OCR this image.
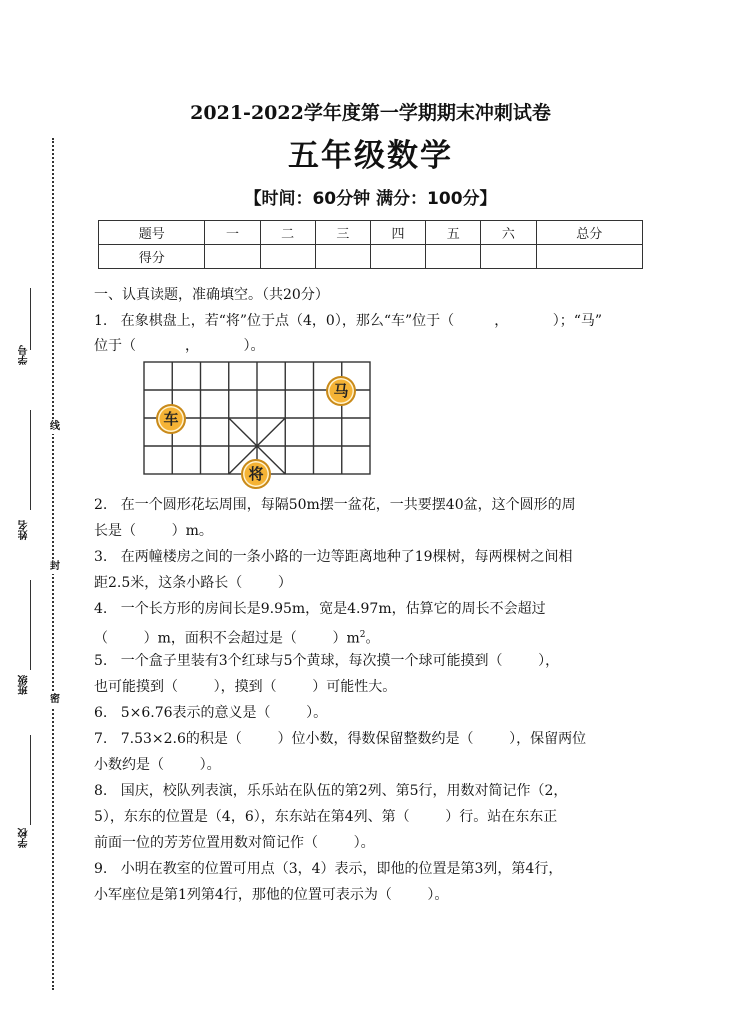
学号
姓名
班级
学校
线
封
密
2021-2022学年度第一学期期末冲刺试卷
五年级数学
【时间：60分钟 满分：100分】
题号	一	二	三	四	五	六	总分
得分							
一、认真读题，准确填空。（共20分）
1.   在象棋盘上，若“将”位于点（4，0），那么“车”位于（         ，          ）；“马”
位于（           ，          ）。
车
马
将
2.   在一个圆形花坛周围，每隔50m摆一盆花，一共要摆40盆，这个圆形的周
长是（        ）m。
3.   在两幢楼房之间的一条小路的一边等距离地种了19棵树，每两棵树之间相
距2.5米，这条小路长（        ）
4.   一个长方形的房间长是9.95m，宽是4.97m，估算它的周长不会超过
（        ）m，面积不会超过是（        ）$m^2$。
5.   一个盒子里装有3个红球与5个黄球，每次摸一个球可能摸到（        ），
也可能摸到（        ），摸到（        ）可能性大。
6.   5×6.76表示的意义是（        ）。
7.   7.53×2.6的积是（        ）位小数，得数保留整数约是（        ），保留两位
小数约是（        ）。
8.   国庆，校队列表演，乐乐站在队伍的第2列、第5行，用数对简记作（2，
5），东东的位置是（4，6），东东站在第4列、第（        ）行。站在东东正
前面一位的芳芳位置用数对简记作（        ）。
9.   小明在教室的位置可用点（3，4）表示，即他的位置是第3列，第4行，
小军座位是第1列第4行，那他的位置可表示为（        ）。
